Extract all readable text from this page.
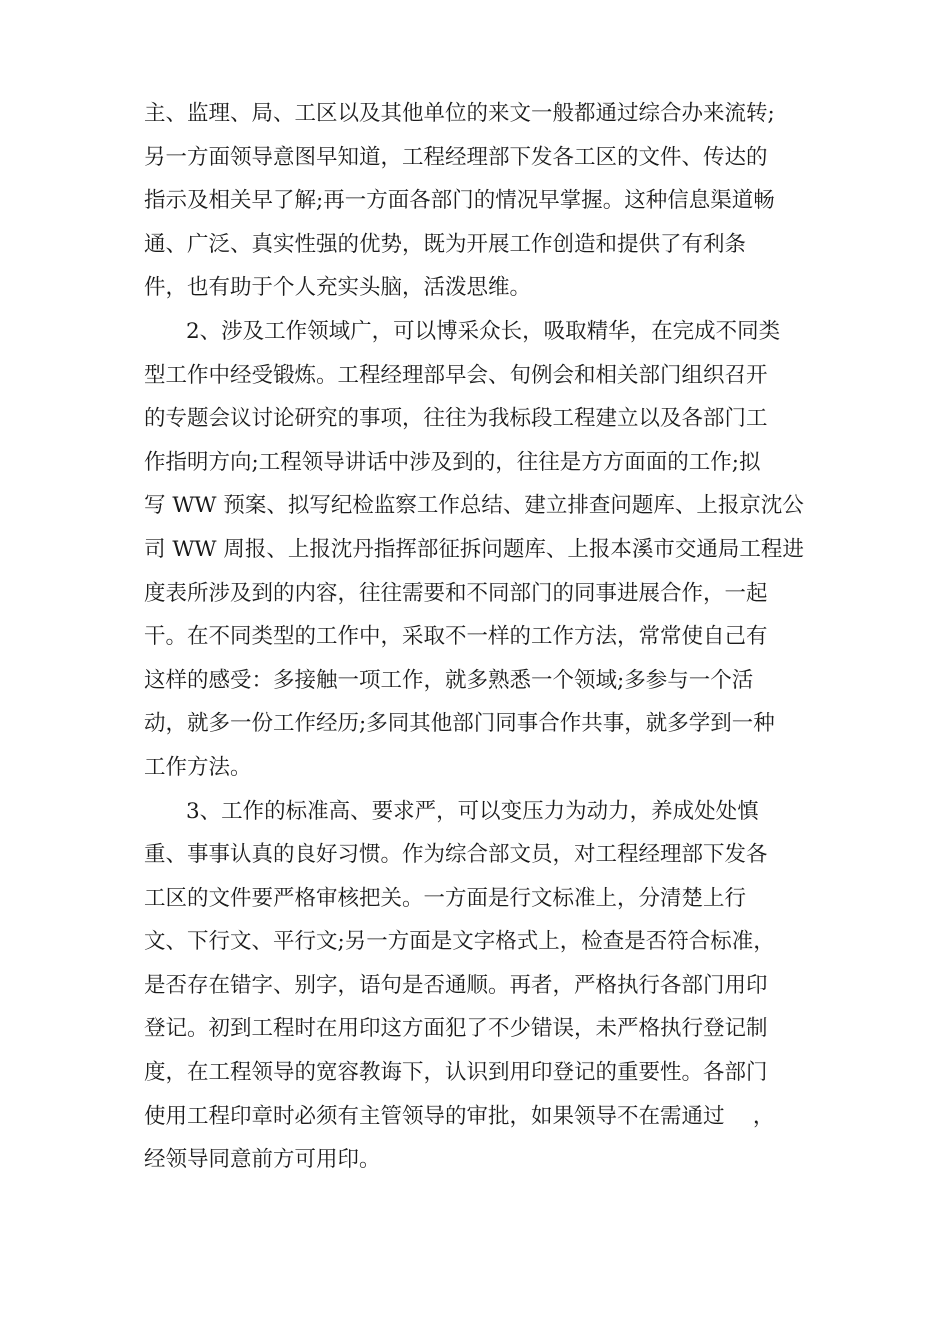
主、监理、局、工区以及其他单位的来文一般都通过综合办来流转;
另一方面领导意图早知道，工程经理部下发各工区的文件、传达的
指示及相关早了解;再一方面各部门的情况早掌握。这种信息渠道畅
通、广泛、真实性强的优势，既为开展工作创造和提供了有利条
件，也有助于个人充实头脑，活泼思维。
2、涉及工作领域广，可以博采众长，吸取精华，在完成不同类
型工作中经受锻炼。工程经理部早会、旬例会和相关部门组织召开
的专题会议讨论研究的事项，往往为我标段工程建立以及各部门工
作指明方向;工程领导讲话中涉及到的，往往是方方面面的工作;拟
写 WW 预案、拟写纪检监察工作总结、建立排查问题库、上报京沈公
司 WW 周报、上报沈丹指挥部征拆问题库、上报本溪市交通局工程进
度表所涉及到的内容，往往需要和不同部门的同事进展合作，一起
干。在不同类型的工作中，采取不一样的工作方法，常常使自己有
这样的感受：多接触一项工作，就多熟悉一个领域;多参与一个活
动，就多一份工作经历;多同其他部门同事合作共事，就多学到一种
工作方法。
3、工作的标准高、要求严，可以变压力为动力，养成处处慎
重、事事认真的良好习惯。作为综合部文员，对工程经理部下发各
工区的文件要严格审核把关。一方面是行文标准上，分清楚上行
文、下行文、平行文;另一方面是文字格式上，检查是否符合标准，
是否存在错字、别字，语句是否通顺。再者，严格执行各部门用印
登记。初到工程时在用印这方面犯了不少错误，未严格执行登记制
度，在工程领导的宽容教诲下，认识到用印登记的重要性。各部门
使用工程印章时必须有主管领导的审批，如果领导不在需通过　 ，
经领导同意前方可用印。
